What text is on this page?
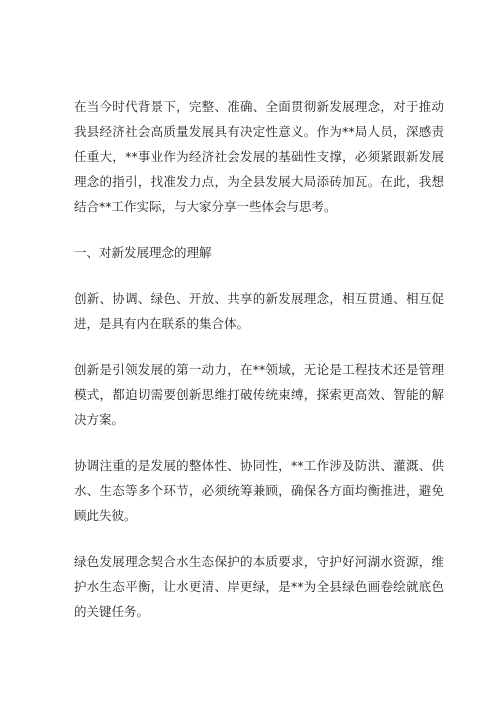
在当今时代背景下，完整、准确、全面贯彻新发展理念，对于推动我县经济社会高质量发展具有决定性意义。作为**局人员，深感责任重大，**事业作为经济社会发展的基础性支撑，必须紧跟新发展理念的指引，找准发力点，为全县发展大局添砖加瓦。在此，我想结合**工作实际，与大家分享一些体会与思考。

一、对新发展理念的理解

创新、协调、绿色、开放、共享的新发展理念，相互贯通、相互促进，是具有内在联系的集合体。

创新是引领发展的第一动力，在**领域，无论是工程技术还是管理模式，都迫切需要创新思维打破传统束缚，探索更高效、智能的解决方案。

协调注重的是发展的整体性、协同性，**工作涉及防洪、灌溉、供水、生态等多个环节，必须统筹兼顾，确保各方面均衡推进，避免顾此失彼。

绿色发展理念契合水生态保护的本质要求，守护好河湖水资源，维护水生态平衡，让水更清、岸更绿，是**为全县绿色画卷绘就底色的关键任务。
